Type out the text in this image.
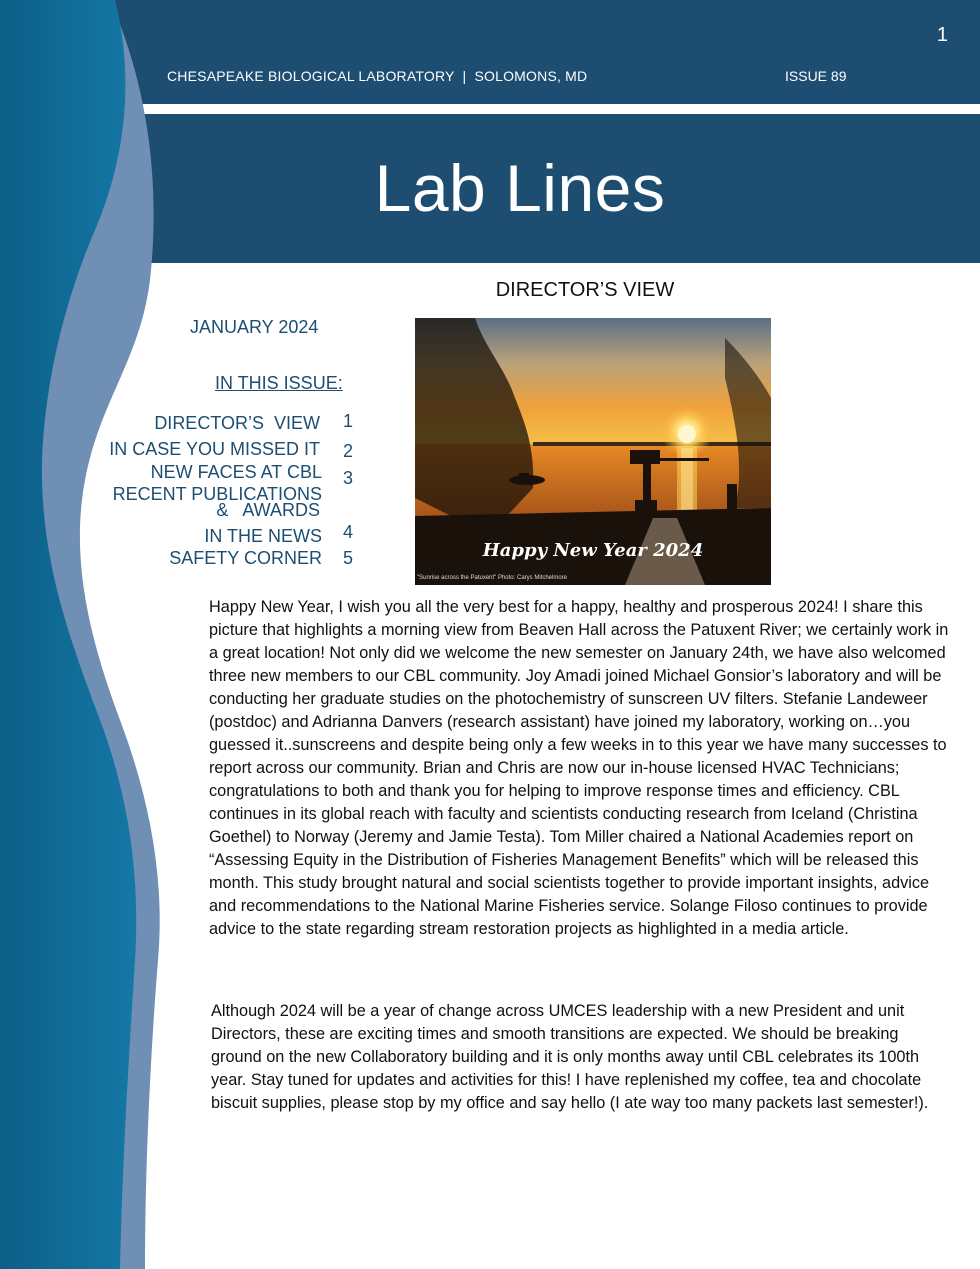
1
CHESAPEAKE BIOLOGICAL LABORATORY  |  SOLOMONS, MD	ISSUE 89
Lab Lines
DIRECTOR’S VIEW
JANUARY 2024
IN THIS ISSUE:
DIRECTOR’S  VIEW 1
IN CASE YOU MISSED IT 2
NEW FACES AT CBL 3
RECENT PUBLICATIONS
&   AWARDS
IN THE NEWS 4
SAFETY CORNER 5	Happy New Year 2024
"Sunrise across the Patuxent" Photo: Carys Mitchelmore

Happy New Year, I wish you all the very best for a happy, healthy and prosperous 2024! I share this picture that highlights a morning view from Beaven Hall across the Patuxent River; we certainly work in a great location! Not only did we welcome the new semester on January 24th, we have also welcomed three new members to our CBL community. Joy Amadi joined Michael Gonsior’s laboratory and will be conducting her graduate studies on the photochemistry of sunscreen UV filters. Stefanie Landeweer (postdoc) and Adrianna Danvers (research assistant) have joined my laboratory, working on…you guessed it..sunscreens and despite being only a few weeks in to this year we have many successes to report across our community. Brian and Chris are now our in-house licensed HVAC Technicians; congratulations to both and thank you for helping to improve response times and efficiency. CBL continues in its global reach with faculty and scientists conducting research from Iceland (Christina Goethel) to Norway (Jeremy and Jamie Testa). Tom Miller chaired a National Academies report on “Assessing Equity in the Distribution of Fisheries Management Benefits” which will be released this month. This study brought natural and social scientists together to provide important insights, advice and recommendations to the National Marine Fisheries service. Solange Filoso continues to provide advice to the state regarding stream restoration projects as highlighted in a media article.

Although 2024 will be a year of change across UMCES leadership with a new President and unit Directors, these are exciting times and smooth transitions are expected. We should be breaking ground on the new Collaboratory building and it is only months away until CBL celebrates its 100th year. Stay tuned for updates and activities for this! I have replenished my coffee, tea and chocolate biscuit supplies, please stop by my office and say hello (I ate way too many packets last semester!).
